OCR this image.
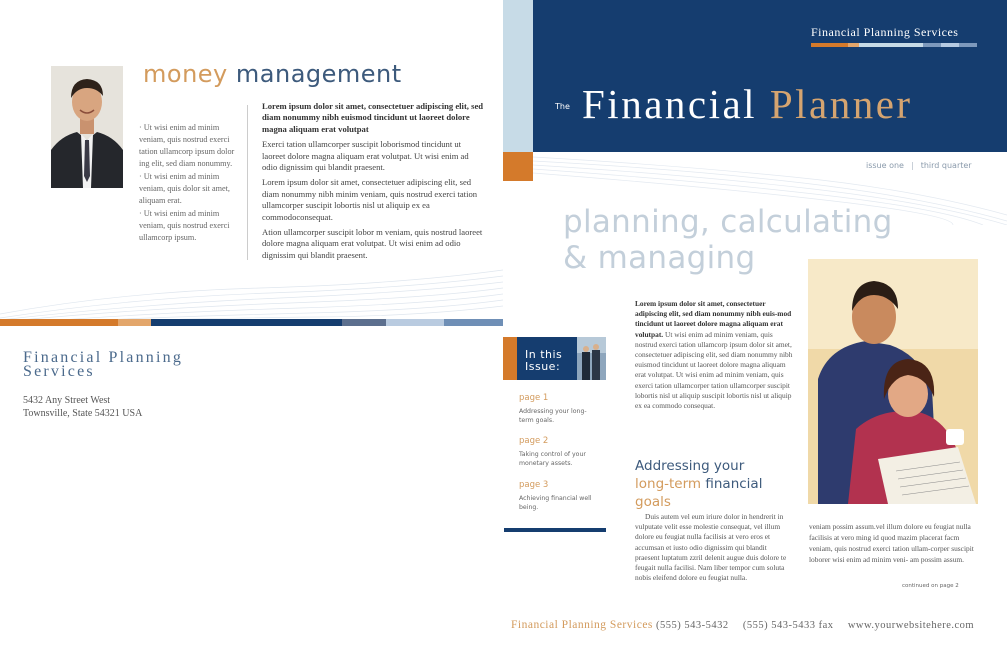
money management

· Ut wisi enim ad minim veniam, quis nostrud exerci tation ullamcorp ipsum dolor ing elit, sed diam nonummy.

· Ut wisi enim ad minim veniam, quis dolor sit amet, aliquam erat.

· Ut wisi enim ad minim veniam, quis nostrud exerci ullamcorp ipsum.

Lorem ipsum dolor sit amet, consectetuer adipiscing elit, sed diam nonummy nibh euismod tincidunt ut laoreet dolore magna aliquam erat volutpat

Exerci tation ullamcorper suscipit loborismod tincidunt ut laoreet dolore magna aliquam erat volutpat. Ut wisi enim ad odio dignissim qui blandit praesent.

Lorem ipsum dolor sit amet, consectetuer adipiscing elit, sed diam nonummy nibh minim veniam, quis nostrud exerci tation ullamcorper suscipit lobortis nisl ut aliquip ex ea commodoconsequat.

Ation ullamcorper suscipit lobor m veniam, quis nostrud laoreet dolore magna aliquam erat volutpat. Ut wisi enim ad odio dignissim qui blandit praesent.

Financial Planning
Services
5432 Any Street West
Townsville, State 54321 USA
Financial Planning Services
The Financial Planner
issue one | third quarter
planning, calculating
& managing
In this
Issue:
page 1
Addressing your long-term goals.
page 2
Taking control of your monetary assets.
page 3
Achieving financial well being.
Lorem ipsum dolor sit amet, consectetuer adipiscing elit, sed diam nonummy nibh euis-mod tincidunt ut laoreet dolore magna aliquam erat volutpat. Ut wisi enim ad minim veniam, quis nostrud exerci tation ullamcorp ipsum dolor sit amet, consectetuer adipiscing elit, sed diam nonummy nibh euismod tincidunt ut laoreet dolore magna aliquam erat volutpat. Ut wisi enim ad minim veniam, quis exerci tation ullamcorper tation ullamcorper suscipit lobortis nisl ut aliquip suscipit lobortis nisl ut aliquip ex ea commodo consequat.
Addressing your
long-term financial
goals
Duis autem vel eum iriure dolor in hendrerit in vulputate velit esse molestie consequat, vel illum dolore eu feugiat nulla facilisis at vero eros et accumsan et iusto odio dignissim qui blandit praesent luptatum zzril delenit augue duis dolore te feugait nulla facilisi. Nam liber tempor cum soluta nobis eleifend dolore eu feugiat nulla.
veniam possim assum.vel illum dolore eu feugiat nulla facilisis at vero ming id quod mazim placerat facm veniam, quis nostrud exerci tation ullam-corper suscipit loborer wisi enim ad minim veni- am possim assum.
continued on page 2
Financial Planning Services (555) 543-5432 (555) 543-5433 fax www.yourwebsitehere.com
